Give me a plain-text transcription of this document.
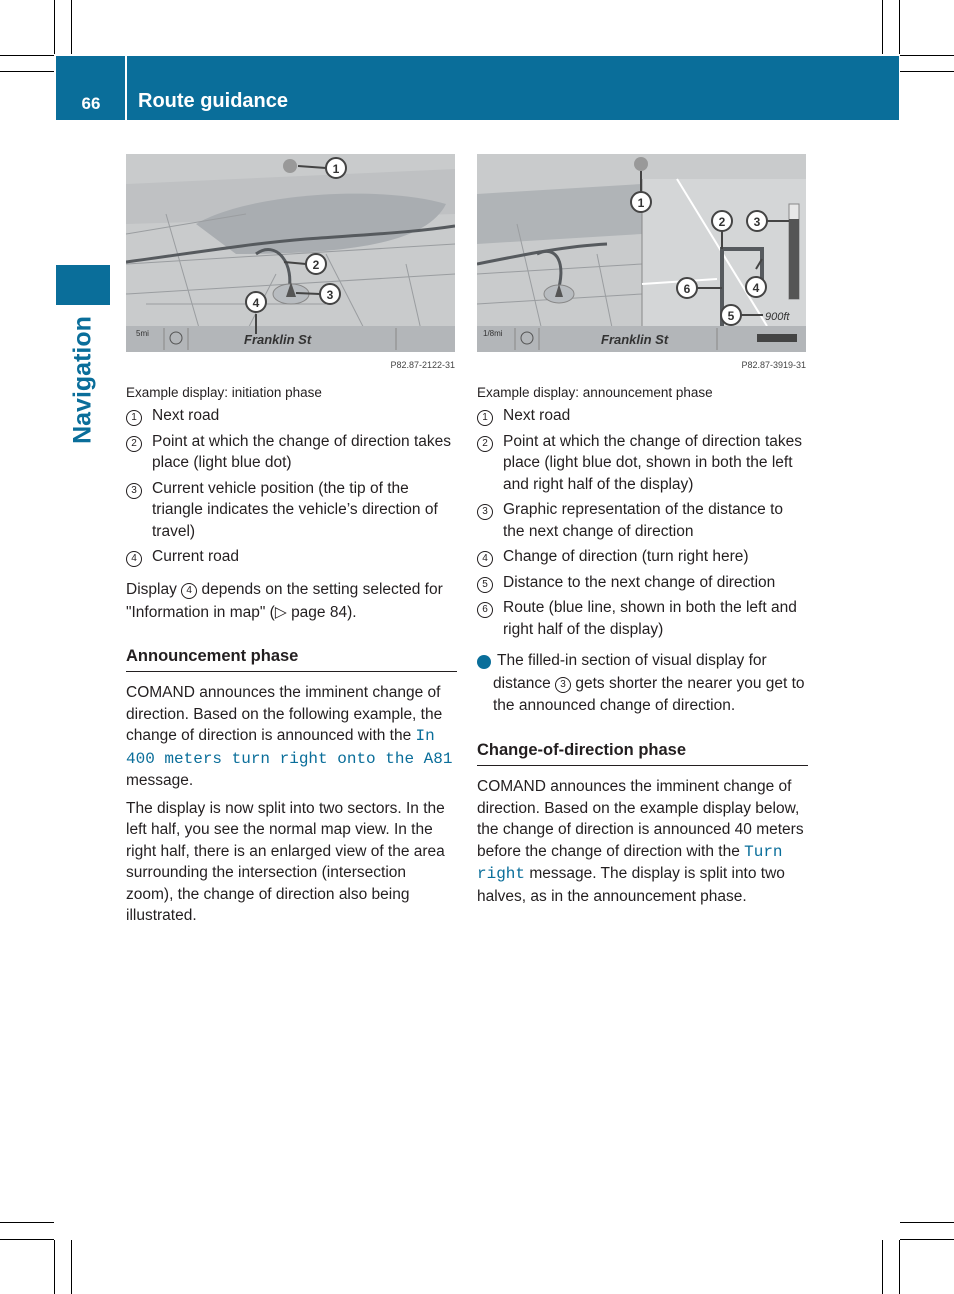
66	Route guidance
Navigation	5mi	Franklin St
1
2
3
4
P82.87-2122-31
1/8mi	Franklin St
900ft
1
2 3
4
5
6
P82.87-3919-31
Example display: initiation phase
1 Next road
2 Point at which the change of direction takes place (light blue dot)
3 Current vehicle position (the tip of the triangle indicates the vehicle’s direction of travel)
4 Current road

Display 4 depends on the setting selected for "Information in map" (▷ page 84).

Announcement phase

COMAND announces the imminent change of direction. Based on the following example, the change of direction is announced with the In 400 meters turn right onto the A81 message.

The display is now split into two sectors. In the left half, you see the normal map view. In the right half, there is an enlarged view of the area surrounding the intersection (intersection zoom), the change of direction also being illustrated.

Example display: announcement phase
1 Next road
2 Point at which the change of direction takes place (light blue dot, shown in both the left and right half of the display)
3 Graphic representation of the distance to the next change of direction
4 Change of direction (turn right here)
5 Distance to the next change of direction
6 Route (blue line, shown in both the left and right half of the display)

i The filled-in section of visual display for distance 3 gets shorter the nearer you get to the announced change of direction.

Change-of-direction phase

COMAND announces the imminent change of direction. Based on the example display below, the change of direction is announced 40 meters before the change of direction with the Turn right message. The display is split into two halves, as in the announcement phase.
